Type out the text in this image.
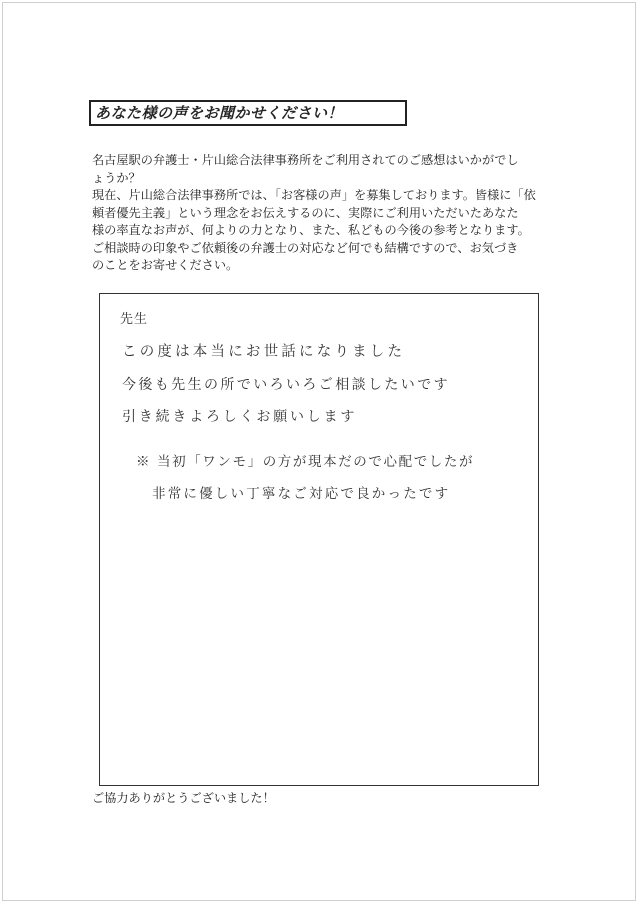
あなた様の声をお聞かせください！

名古屋駅の弁護士・片山総合法律事務所をご利用されてのご感想はいかがでし

ょうか？

現在、片山総合法律事務所では、「お客様の声」を募集しております。皆様に「依

頼者優先主義」という理念をお伝えするのに、実際にご利用いただいたあなた

様の率直なお声が、何よりの力となり、また、私どもの今後の参考となります。

ご相談時の印象やご依頼後の弁護士の対応など何でも結構ですので、お気づき

のことをお寄せください。

先生
この度は本当にお世話になりました
今後も先生の所でいろいろご相談したいです
引き続きよろしくお願いします
※ 当初「ワンモ」の方が現本だので心配でしたが
非常に優しい丁寧なご対応で良かったです
ご協力ありがとうございました！
